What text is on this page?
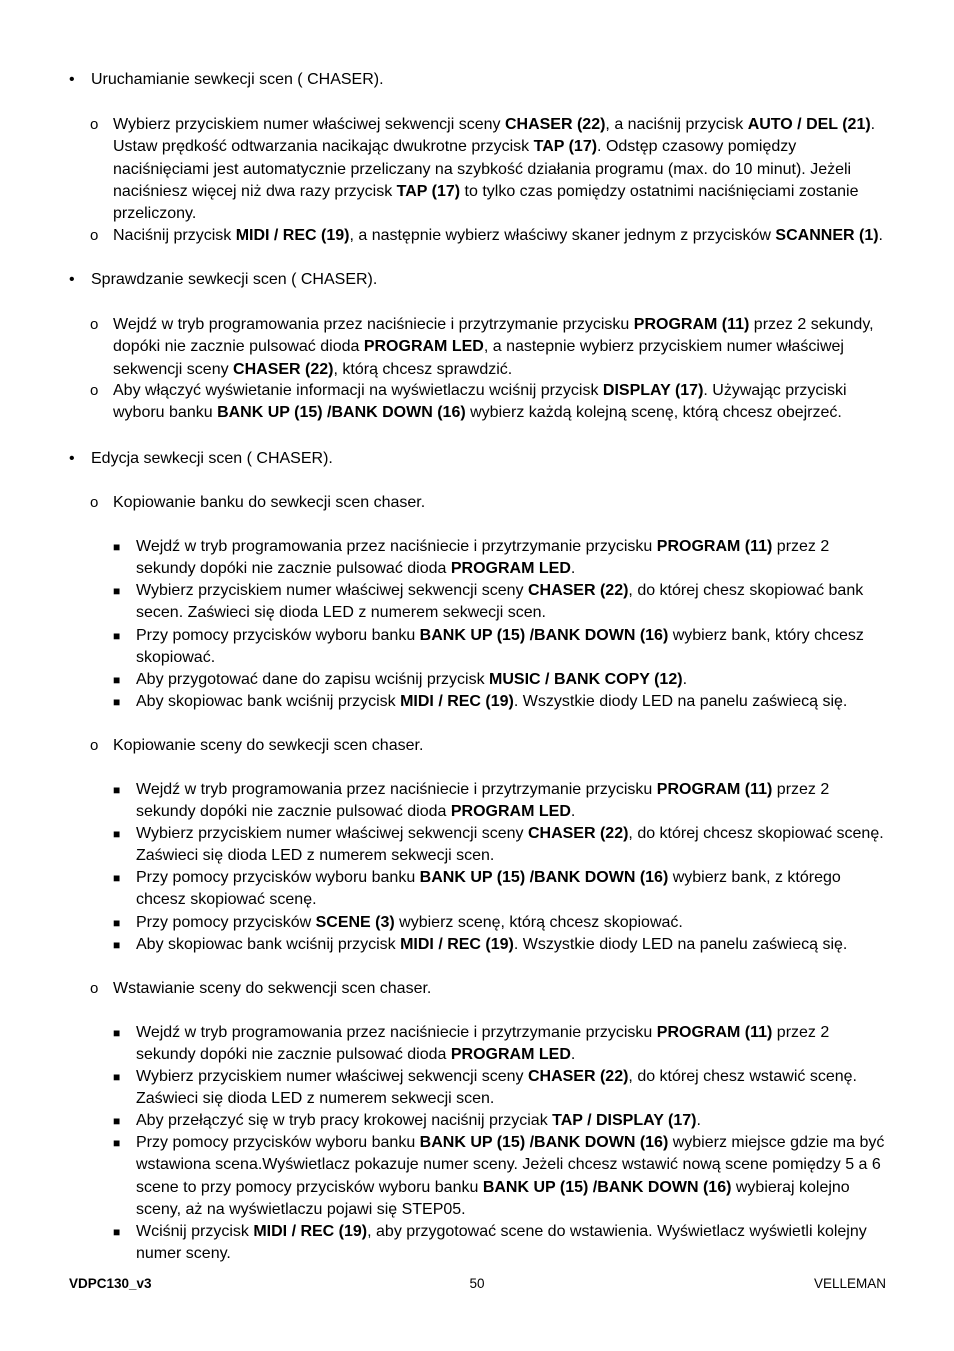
•	Uruchamianie sewkecji scen ( CHASER).
o Wybierz przyciskiem numer właściwej sekwencji sceny CHASER (22), a naciśnij przycisk AUTO / DEL (21). Ustaw prędkość odtwarzania nacikając dwukrotne przycisk TAP (17). Odstęp czasowy pomiędzy naciśnięciami jest automatycznie przeliczany na szybkość działania programu (max. do 10 minut). Jeżeli naciśniesz więcej niż dwa razy przycisk TAP (17) to tylko czas pomiędzy ostatnimi naciśnięciami zostanie przeliczony.
o Naciśnij przycisk MIDI / REC (19), a następnie wybierz właściwy skaner jednym z przycisków SCANNER (1).
•	Sprawdzanie sewkecji scen ( CHASER).
o Wejdź w tryb programowania przez naciśniecie i przytrzymanie przycisku PROGRAM (11) przez 2 sekundy, dopóki nie zacznie pulsować dioda PROGRAM LED, a nastepnie wybierz przyciskiem numer właściwej sekwencji sceny CHASER (22), którą chcesz sprawdzić.
o Aby włączyć wyświetanie informacji na wyświetlaczu wciśnij przycisk DISPLAY (17). Używając przyciski wyboru banku BANK UP (15) /BANK DOWN (16) wybierz każdą kolejną scenę, którą chcesz obejrzeć.
•	Edycja sewkecji scen ( CHASER).
o Kopiowanie banku do sewkecji scen chaser.
■ Wejdź w tryb programowania przez naciśniecie i przytrzymanie przycisku PROGRAM (11) przez 2 sekundy dopóki nie zacznie pulsować dioda PROGRAM LED.
■ Wybierz przyciskiem numer właściwej sekwencji sceny CHASER (22), do której chesz skopiować bank secen. Zaświeci się dioda LED z numerem sekwecji scen.
■ Przy pomocy przycisków wyboru banku BANK UP (15) /BANK DOWN (16) wybierz bank, który chcesz skopiować.
■ Aby przygotować dane do zapisu wciśnij przycisk MUSIC / BANK COPY (12).
■ Aby skopiowac bank wciśnij przycisk MIDI / REC (19). Wszystkie diody LED na panelu zaświecą się.
o Kopiowanie sceny do sewkecji scen chaser.
■ Wejdź w tryb programowania przez naciśniecie i przytrzymanie przycisku PROGRAM (11) przez 2 sekundy dopóki nie zacznie pulsować dioda PROGRAM LED.
■ Wybierz przyciskiem numer właściwej sekwencji sceny CHASER (22), do której chcesz skopiować scenę. Zaświeci się dioda LED z numerem sekwecji scen.
■ Przy pomocy przycisków wyboru banku BANK UP (15) /BANK DOWN (16) wybierz bank, z którego chcesz skopiować scenę.
■ Przy pomocy przycisków SCENE (3) wybierz scenę, którą chcesz skopiować.
■ Aby skopiowac bank wciśnij przycisk MIDI / REC (19). Wszystkie diody LED na panelu zaświecą się.
o Wstawianie sceny do sekwencji scen chaser.
■ Wejdź w tryb programowania przez naciśniecie i przytrzymanie przycisku PROGRAM (11) przez 2 sekundy dopóki nie zacznie pulsować dioda PROGRAM LED.
■ Wybierz przyciskiem numer właściwej sekwencji sceny CHASER (22), do której chesz wstawić scenę. Zaświeci się dioda LED z numerem sekwecji scen.
■ Aby przełączyć się w tryb pracy krokowej naciśnij przyciak TAP / DISPLAY (17).
■ Przy pomocy przycisków wyboru banku BANK UP (15) /BANK DOWN (16) wybierz miejsce gdzie ma być wstawiona scena.Wyświetlacz pokazuje numer sceny. Jeżeli chcesz wstawić nową scene pomiędzy 5 a 6 scene to przy pomocy przycisków wyboru banku BANK UP (15) /BANK DOWN (16) wybieraj kolejno sceny, aż na wyświetlaczu pojawi się STEP05.
■ Wciśnij przycisk MIDI / REC (19), aby przygotować scene do wstawienia. Wyświetlacz wyświetli kolejny numer sceny.
VDPC130_v3	50	VELLEMAN
